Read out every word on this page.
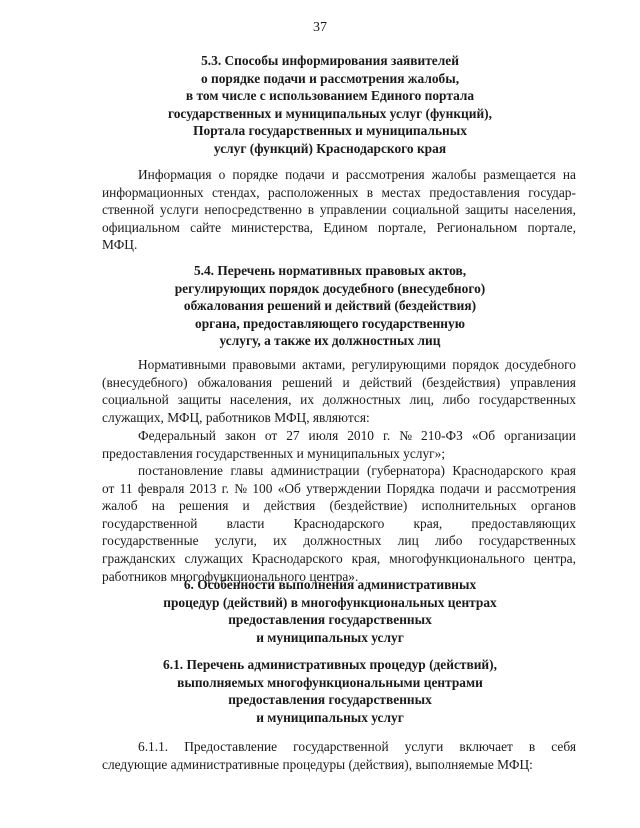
37
5.3. Способы информирования заявителей
о порядке подачи и рассмотрения жалобы,
в том числе с использованием Единого портала
государственных и муниципальных услуг (функций),
Портала государственных и муниципальных
услуг (функций) Краснодарского края
Информация о порядке подачи и рассмотрения жалобы размещается на
информационных стендах, расположенных в местах предоставления государ-
ственной услуги непосредственно в управлении социальной защиты населения,
официальном сайте министерства, Едином портале, Региональном портале,
МФЦ.
5.4. Перечень нормативных правовых актов,
регулирующих порядок досудебного (внесудебного)
обжалования решений и действий (бездействия)
органа, предоставляющего государственную
услугу, а также их должностных лиц
Нормативными правовыми актами, регулирующими порядок досудебного
(внесудебного) обжалования решений и действий (бездействия) управления
социальной защиты населения, их должностных лиц, либо государственных
служащих, МФЦ, работников МФЦ, являются:
Федеральный закон от 27 июля 2010 г. № 210-ФЗ «Об организации
предоставления государственных и муниципальных услуг»;
постановление главы администрации (губернатора) Краснодарского края
от 11 февраля 2013 г. № 100 «Об утверждении Порядка подачи и рассмотрения
жалоб на решения и действия (бездействие) исполнительных органов
государственной власти Краснодарского края, предоставляющих
государственные услуги, их должностных лиц либо государственных
гражданских служащих Краснодарского края, многофункционального центра,
работников многофункционального центра».
6. Особенности выполнения административных
процедур (действий) в многофункциональных центрах
предоставления государственных
и муниципальных услуг
6.1. Перечень административных процедур (действий),
выполняемых многофункциональными центрами
предоставления государственных
и муниципальных услуг
6.1.1. Предоставление государственной услуги включает в себя
следующие административные процедуры (действия), выполняемые МФЦ:
